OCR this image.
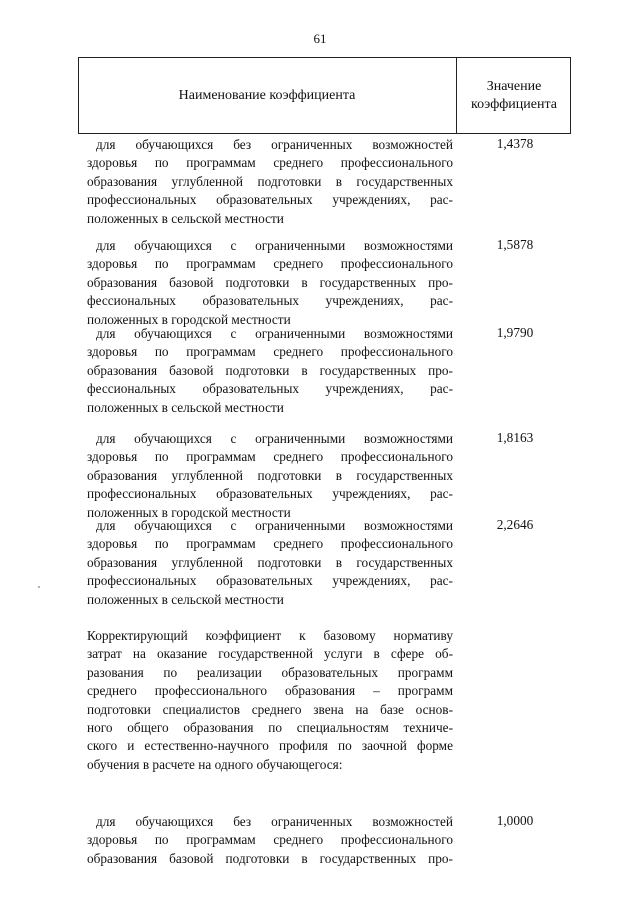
61
Наименование коэффициента
Значение
коэффициента
для обучающихся без ограниченных возможностей
здоровья по программам среднего профессионального
образования углубленной подготовки в государственных
профессиональных образовательных учреждениях, рас-
положенных в сельской местности
1,4378
для обучающихся с ограниченными возможностями
здоровья по программам среднего профессионального
образования базовой подготовки в государственных про-
фессиональных образовательных учреждениях, рас-
положенных в городской местности
1,5878
для обучающихся с ограниченными возможностями
здоровья по программам среднего профессионального
образования базовой подготовки в государственных про-
фессиональных образовательных учреждениях, рас-
положенных в сельской местности
1,9790
для обучающихся с ограниченными возможностями
здоровья по программам среднего профессионального
образования углубленной подготовки в государственных
профессиональных образовательных учреждениях, рас-
положенных в городской местности
1,8163
для обучающихся с ограниченными возможностями
здоровья по программам среднего профессионального
образования углубленной подготовки в государственных
профессиональных образовательных учреждениях, рас-
положенных в сельской местности
2,2646
Корректирующий коэффициент к базовому нормативу
затрат на оказание государственной услуги в сфере об-
разования по реализации образовательных программ
среднего профессионального образования – программ
подготовки специалистов среднего звена на базе основ-
ного общего образования по специальностям техниче-
ского и естественно-научного профиля по заочной форме
обучения в расчете на одного обучающегося:
для обучающихся без ограниченных возможностей
здоровья по программам среднего профессионального
образования базовой подготовки в государственных про-
1,0000
